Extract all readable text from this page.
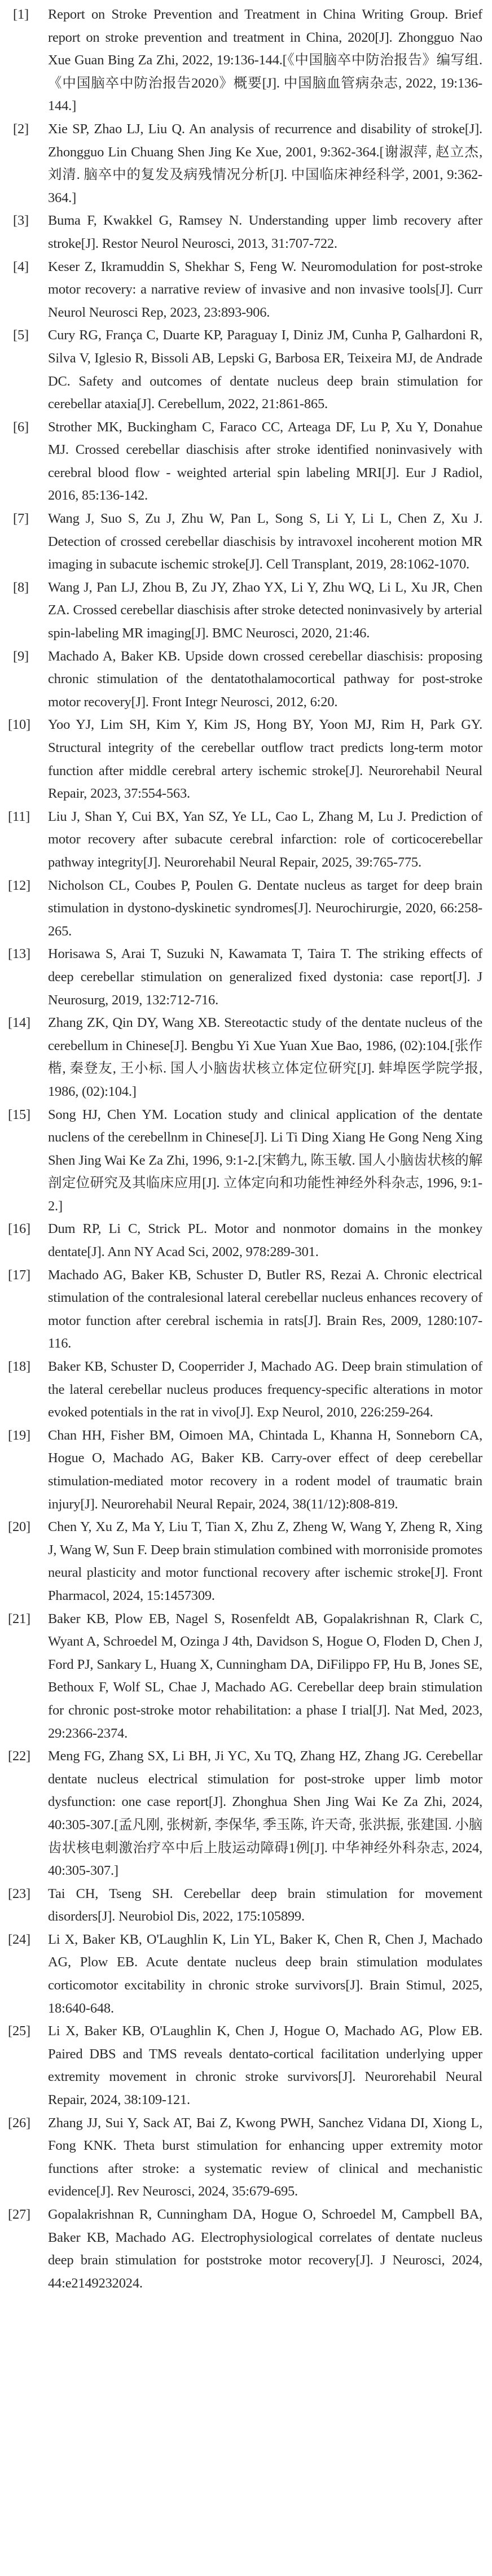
[1]	Report on Stroke Prevention and Treatment in China Writing Group. Brief report on stroke prevention and treatment in China, 2020[J]. Zhongguo Nao Xue Guan Bing Za Zhi, 2022, 19:136-144.[《中国脑卒中防治报告》编写组.《中国脑卒中防治报告2020》概要[J]. 中国脑血管病杂志, 2022, 19:136-144.]
[2]	Xie SP, Zhao LJ, Liu Q. An analysis of recurrence and disability of stroke[J]. Zhongguo Lin Chuang Shen Jing Ke Xue, 2001, 9:362-364.[谢淑萍, 赵立杰, 刘清. 脑卒中的复发及病残情况分析[J]. 中国临床神经科学, 2001, 9:362-364.]
[3]	Buma F, Kwakkel G, Ramsey N. Understanding upper limb recovery after stroke[J]. Restor Neurol Neurosci, 2013, 31:707-722.
[4]	Keser Z, Ikramuddin S, Shekhar S, Feng W. Neuromodulation for post-stroke motor recovery: a narrative review of invasive and non invasive tools[J]. Curr Neurol Neurosci Rep, 2023, 23:893-906.
[5]	Cury RG, França C, Duarte KP, Paraguay I, Diniz JM, Cunha P, Galhardoni R, Silva V, Iglesio R, Bissoli AB, Lepski G, Barbosa ER, Teixeira MJ, de Andrade DC. Safety and outcomes of dentate nucleus deep brain stimulation for cerebellar ataxia[J]. Cerebellum, 2022, 21:861-865.
[6]	Strother MK, Buckingham C, Faraco CC, Arteaga DF, Lu P, Xu Y, Donahue MJ. Crossed cerebellar diaschisis after stroke identified noninvasively with cerebral blood flow - weighted arterial spin labeling MRI[J]. Eur J Radiol, 2016, 85:136-142.
[7]	Wang J, Suo S, Zu J, Zhu W, Pan L, Song S, Li Y, Li L, Chen Z, Xu J. Detection of crossed cerebellar diaschisis by intravoxel incoherent motion MR imaging in subacute ischemic stroke[J]. Cell Transplant, 2019, 28:1062-1070.
[8]	Wang J, Pan LJ, Zhou B, Zu JY, Zhao YX, Li Y, Zhu WQ, Li L, Xu JR, Chen ZA. Crossed cerebellar diaschisis after stroke detected noninvasively by arterial spin-labeling MR imaging[J]. BMC Neurosci, 2020, 21:46.
[9]	Machado A, Baker KB. Upside down crossed cerebellar diaschisis: proposing chronic stimulation of the dentatothalamocortical pathway for post-stroke motor recovery[J]. Front Integr Neurosci, 2012, 6:20.
[10]	Yoo YJ, Lim SH, Kim Y, Kim JS, Hong BY, Yoon MJ, Rim H, Park GY. Structural integrity of the cerebellar outflow tract predicts long-term motor function after middle cerebral artery ischemic stroke[J]. Neurorehabil Neural Repair, 2023, 37:554-563.
[11]	Liu J, Shan Y, Cui BX, Yan SZ, Ye LL, Cao L, Zhang M, Lu J. Prediction of motor recovery after subacute cerebral infarction: role of corticocerebellar pathway integrity[J]. Neurorehabil Neural Repair, 2025, 39:765-775.
[12]	Nicholson CL, Coubes P, Poulen G. Dentate nucleus as target for deep brain stimulation in dystono-dyskinetic syndromes[J]. Neurochirurgie, 2020, 66:258-265.
[13]	Horisawa S, Arai T, Suzuki N, Kawamata T, Taira T. The striking effects of deep cerebellar stimulation on generalized fixed dystonia: case report[J]. J Neurosurg, 2019, 132:712-716.
[14]	Zhang ZK, Qin DY, Wang XB. Stereotactic study of the dentate nucleus of the cerebellum in Chinese[J]. Bengbu Yi Xue Yuan Xue Bao, 1986, (02):104.[张作楷, 秦登友, 王小标. 国人小脑齿状核立体定位研究[J]. 蚌埠医学院学报, 1986, (02):104.]
[15]	Song HJ, Chen YM. Location study and clinical application of the dentate nuclens of the cerebellnm in Chinese[J]. Li Ti Ding Xiang He Gong Neng Xing Shen Jing Wai Ke Za Zhi, 1996, 9:1-2.[宋鹤九, 陈玉敏. 国人小脑齿状核的解剖定位研究及其临床应用[J]. 立体定向和功能性神经外科杂志, 1996, 9:1-2.]
[16]	Dum RP, Li C, Strick PL. Motor and nonmotor domains in the monkey dentate[J]. Ann NY Acad Sci, 2002, 978:289-301.
[17]	Machado AG, Baker KB, Schuster D, Butler RS, Rezai A. Chronic electrical stimulation of the contralesional lateral cerebellar nucleus enhances recovery of motor function after cerebral ischemia in rats[J]. Brain Res, 2009, 1280:107-116.
[18]	Baker KB, Schuster D, Cooperrider J, Machado AG. Deep brain stimulation of the lateral cerebellar nucleus produces frequency-specific alterations in motor evoked potentials in the rat in vivo[J]. Exp Neurol, 2010, 226:259-264.
[19]	Chan HH, Fisher BM, Oimoen MA, Chintada L, Khanna H, Sonneborn CA, Hogue O, Machado AG, Baker KB. Carry-over effect of deep cerebellar stimulation-mediated motor recovery in a rodent model of traumatic brain injury[J]. Neurorehabil Neural Repair, 2024, 38(11/12):808-819.
[20]	Chen Y, Xu Z, Ma Y, Liu T, Tian X, Zhu Z, Zheng W, Wang Y, Zheng R, Xing J, Wang W, Sun F. Deep brain stimulation combined with morroniside promotes neural plasticity and motor functional recovery after ischemic stroke[J]. Front Pharmacol, 2024, 15:1457309.
[21]	Baker KB, Plow EB, Nagel S, Rosenfeldt AB, Gopalakrishnan R, Clark C, Wyant A, Schroedel M, Ozinga J 4th, Davidson S, Hogue O, Floden D, Chen J, Ford PJ, Sankary L, Huang X, Cunningham DA, DiFilippo FP, Hu B, Jones SE, Bethoux F, Wolf SL, Chae J, Machado AG. Cerebellar deep brain stimulation for chronic post-stroke motor rehabilitation: a phase I trial[J]. Nat Med, 2023, 29:2366-2374.
[22]	Meng FG, Zhang SX, Li BH, Ji YC, Xu TQ, Zhang HZ, Zhang JG. Cerebellar dentate nucleus electrical stimulation for post-stroke upper limb motor dysfunction: one case report[J]. Zhonghua Shen Jing Wai Ke Za Zhi, 2024, 40:305-307.[孟凡刚, 张树新, 李保华, 季玉陈, 许天奇, 张洪振, 张建国. 小脑齿状核电刺激治疗卒中后上肢运动障碍1例[J]. 中华神经外科杂志, 2024, 40:305-307.]
[23]	Tai CH, Tseng SH. Cerebellar deep brain stimulation for movement disorders[J]. Neurobiol Dis, 2022, 175:105899.
[24]	Li X, Baker KB, O'Laughlin K, Lin YL, Baker K, Chen R, Chen J, Machado AG, Plow EB. Acute dentate nucleus deep brain stimulation modulates corticomotor excitability in chronic stroke survivors[J]. Brain Stimul, 2025, 18:640-648.
[25]	Li X, Baker KB, O'Laughlin K, Chen J, Hogue O, Machado AG, Plow EB. Paired DBS and TMS reveals dentato-cortical facilitation underlying upper extremity movement in chronic stroke survivors[J]. Neurorehabil Neural Repair, 2024, 38:109-121.
[26]	Zhang JJ, Sui Y, Sack AT, Bai Z, Kwong PWH, Sanchez Vidana DI, Xiong L, Fong KNK. Theta burst stimulation for enhancing upper extremity motor functions after stroke: a systematic review of clinical and mechanistic evidence[J]. Rev Neurosci, 2024, 35:679-695.
[27]	Gopalakrishnan R, Cunningham DA, Hogue O, Schroedel M, Campbell BA, Baker KB, Machado AG. Electrophysiological correlates of dentate nucleus deep brain stimulation for poststroke motor recovery[J]. J Neurosci, 2024, 44:e2149232024.
